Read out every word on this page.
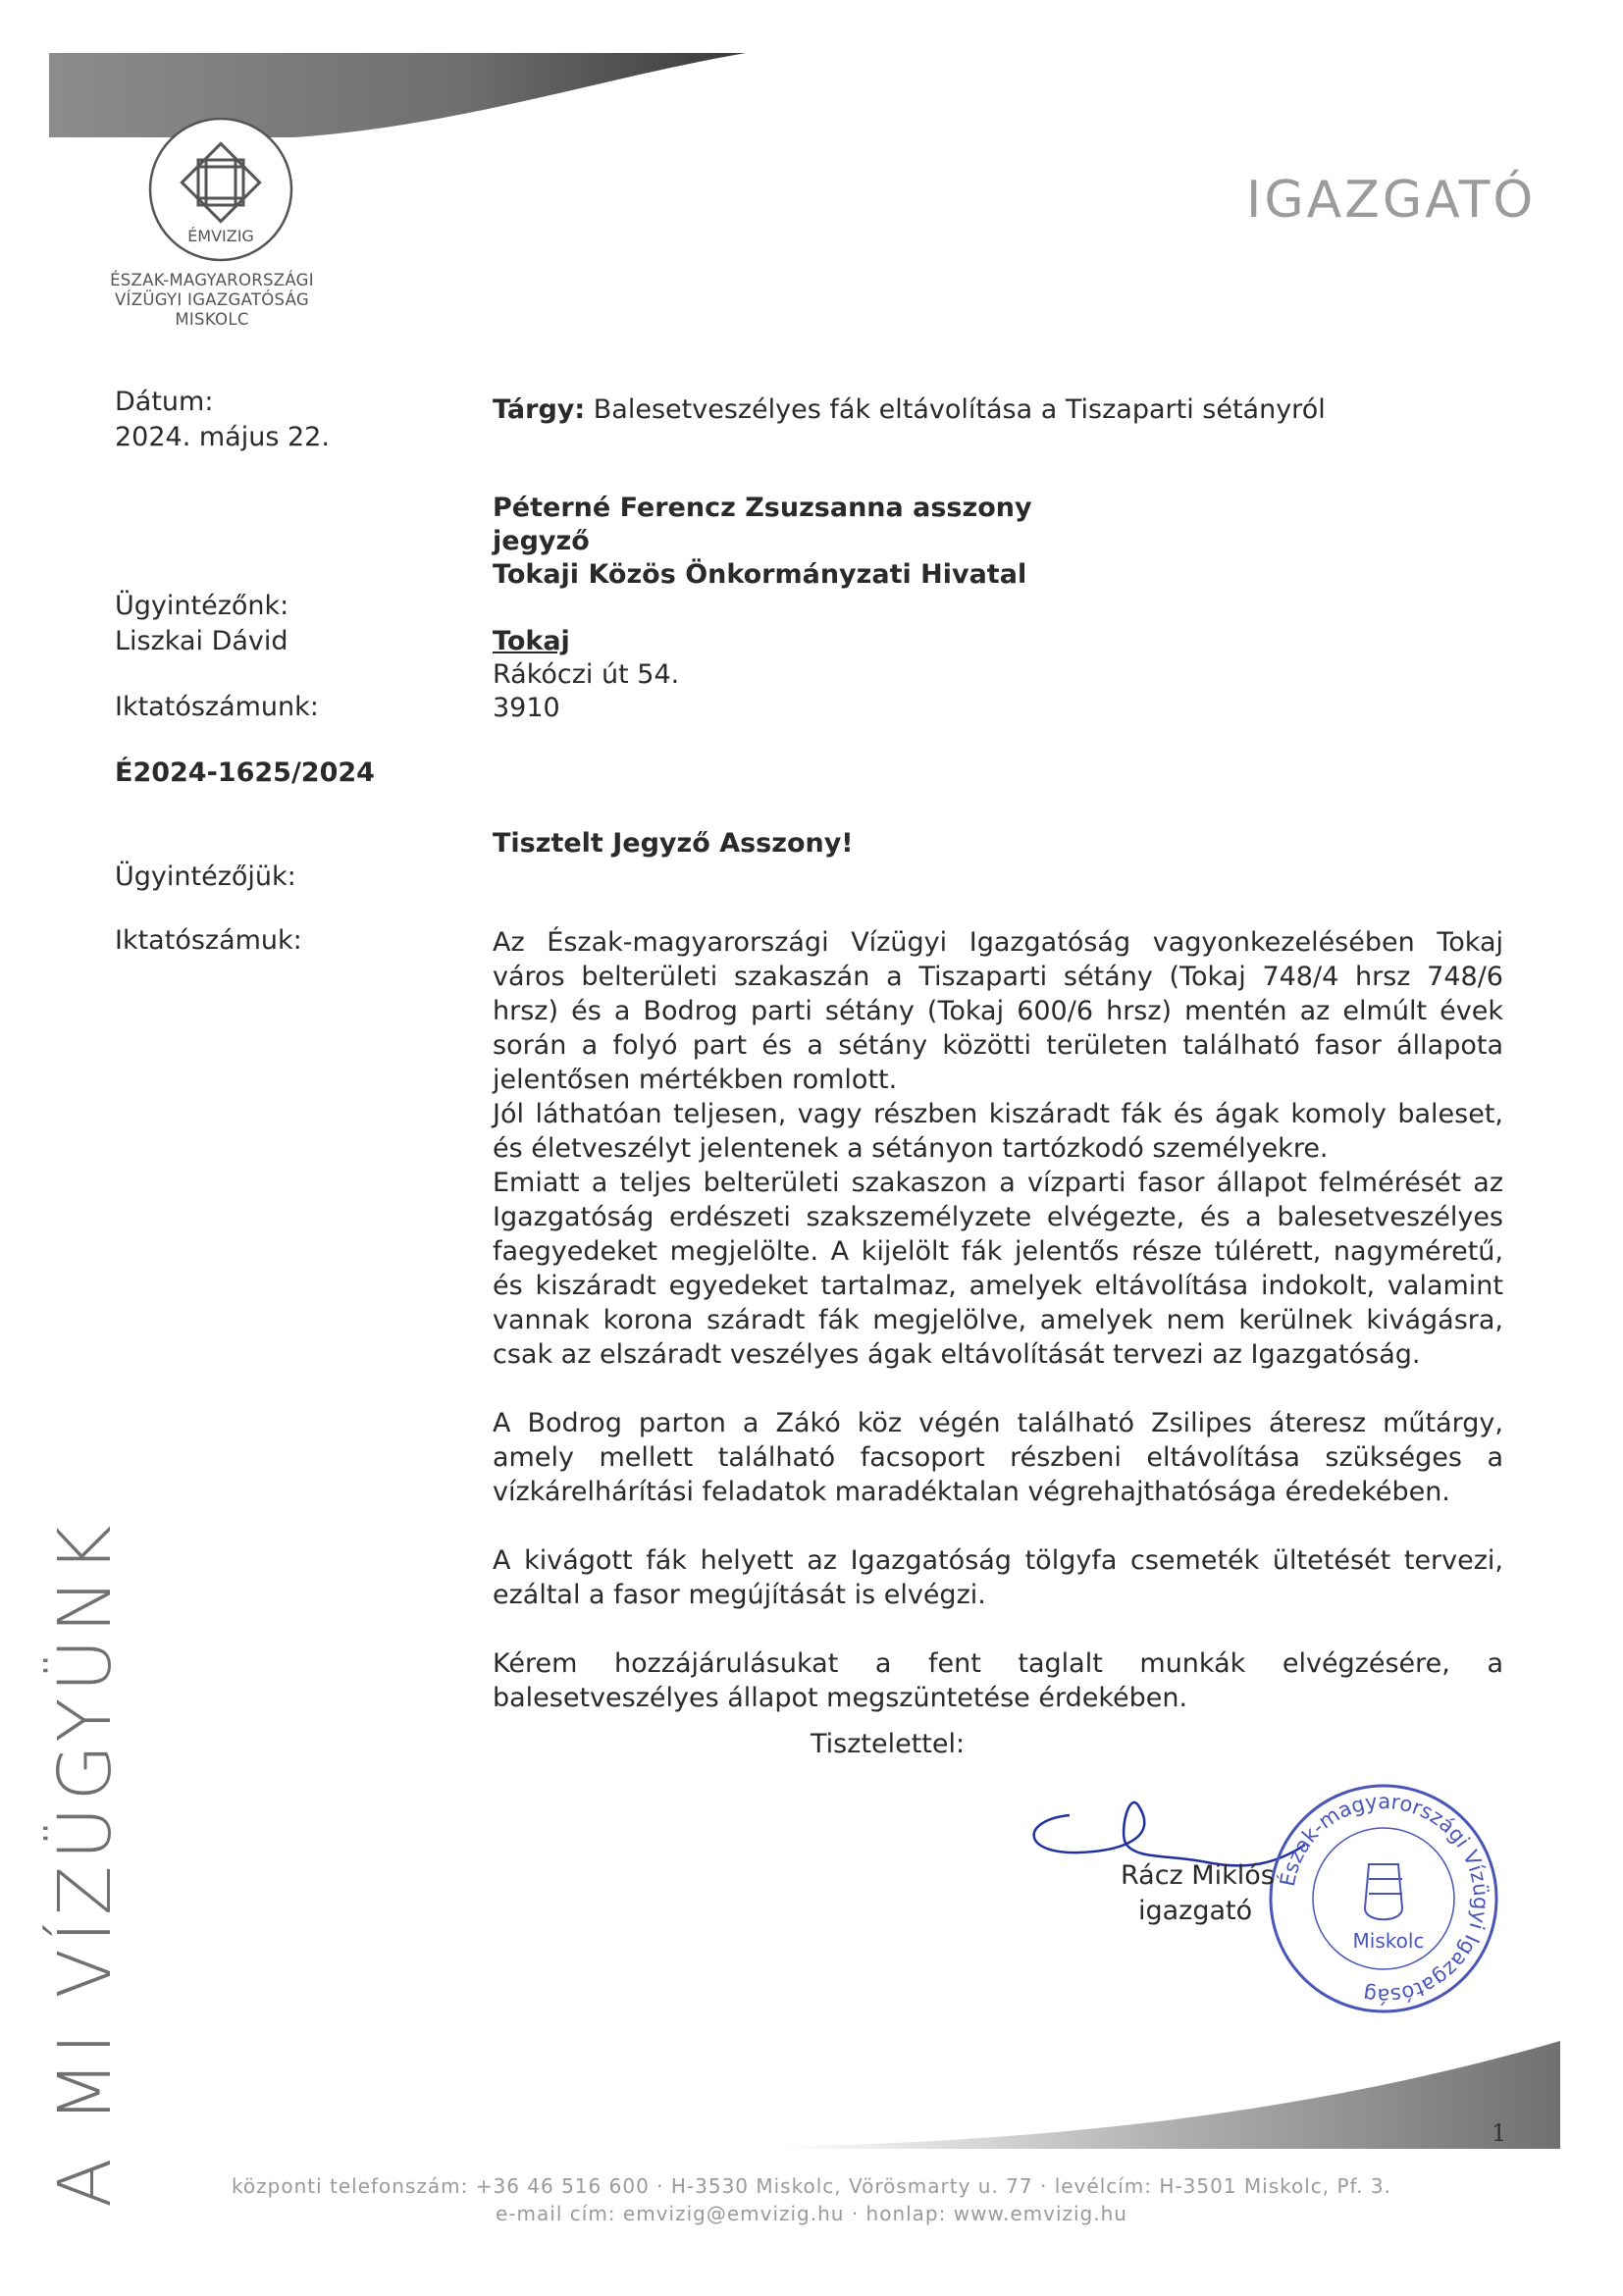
ÉMVIZIG
ÉSZAK-MAGYARORSZÁGI
VÍZÜGYI IGAZGATÓSÁG
MISKOLC
IGAZGATÓ
Dátum:
2024. május 22.
Ügyintézőnk:
Liszkai Dávid
Iktatószámunk:
É2024-1625/2024
Ügyintézőjük:
Iktatószámuk:
Tárgy: Balesetveszélyes fák eltávolítása a Tiszaparti sétányról
Péterné Ferencz Zsuzsanna asszony
jegyző
Tokaji Közös Önkormányzati Hivatal
Tokaj
Rákóczi út 54.
3910
Tisztelt Jegyző Asszony!

Az Észak-magyarországi Vízügyi Igazgatóság vagyonkezelésében Tokaj város belterületi szakaszán a Tiszaparti sétány (Tokaj 748/4 hrsz 748/6 hrsz) és a Bodrog parti sétány (Tokaj 600/6 hrsz) mentén az elmúlt évek során a folyó part és a sétány közötti területen található fasor állapota jelentősen mértékben romlott.

Jól láthatóan teljesen, vagy részben kiszáradt fák és ágak komoly baleset, és életveszélyt jelentenek a sétányon tartózkodó személyekre.

Emiatt a teljes belterületi szakaszon a vízparti fasor állapot felmérését az Igazgatóság erdészeti szakszemélyzete elvégezte, és a balesetveszélyes faegyedeket megjelölte. A kijelölt fák jelentős része túlérett, nagyméretű, és kiszáradt egyedeket tartalmaz, amelyek eltávolítása indokolt, valamint vannak korona száradt fák megjelölve, amelyek nem kerülnek kivágásra, csak az elszáradt veszélyes ágak eltávolítását tervezi az Igazgatóság.

A Bodrog parton a Zákó köz végén található Zsilipes áteresz műtárgy, amely mellett található facsoport részbeni eltávolítása szükséges a vízkárelhárítási feladatok maradéktalan végrehajthatósága éredekében.

A kivágott fák helyett az Igazgatóság tölgyfa csemeték ültetését tervezi, ezáltal a fasor megújítását is elvégzi.

Kérem hozzájárulásukat a fent taglalt munkák elvégzésére, a balesetveszélyes állapot megszüntetése érdekében.

Tisztelettel:
Észak-magyarországi Vízügyi Igazgatóság
Miskolc
Rácz Miklós
igazgató
1
központi telefonszám: +36 46 516 600 · H-3530 Miskolc, Vörösmarty u. 77 · levélcím: H-3501 Miskolc, Pf. 3.
e-mail cím: emvizig@emvizig.hu · honlap: www.emvizig.hu
A MI VÍZÜGYÜNK
